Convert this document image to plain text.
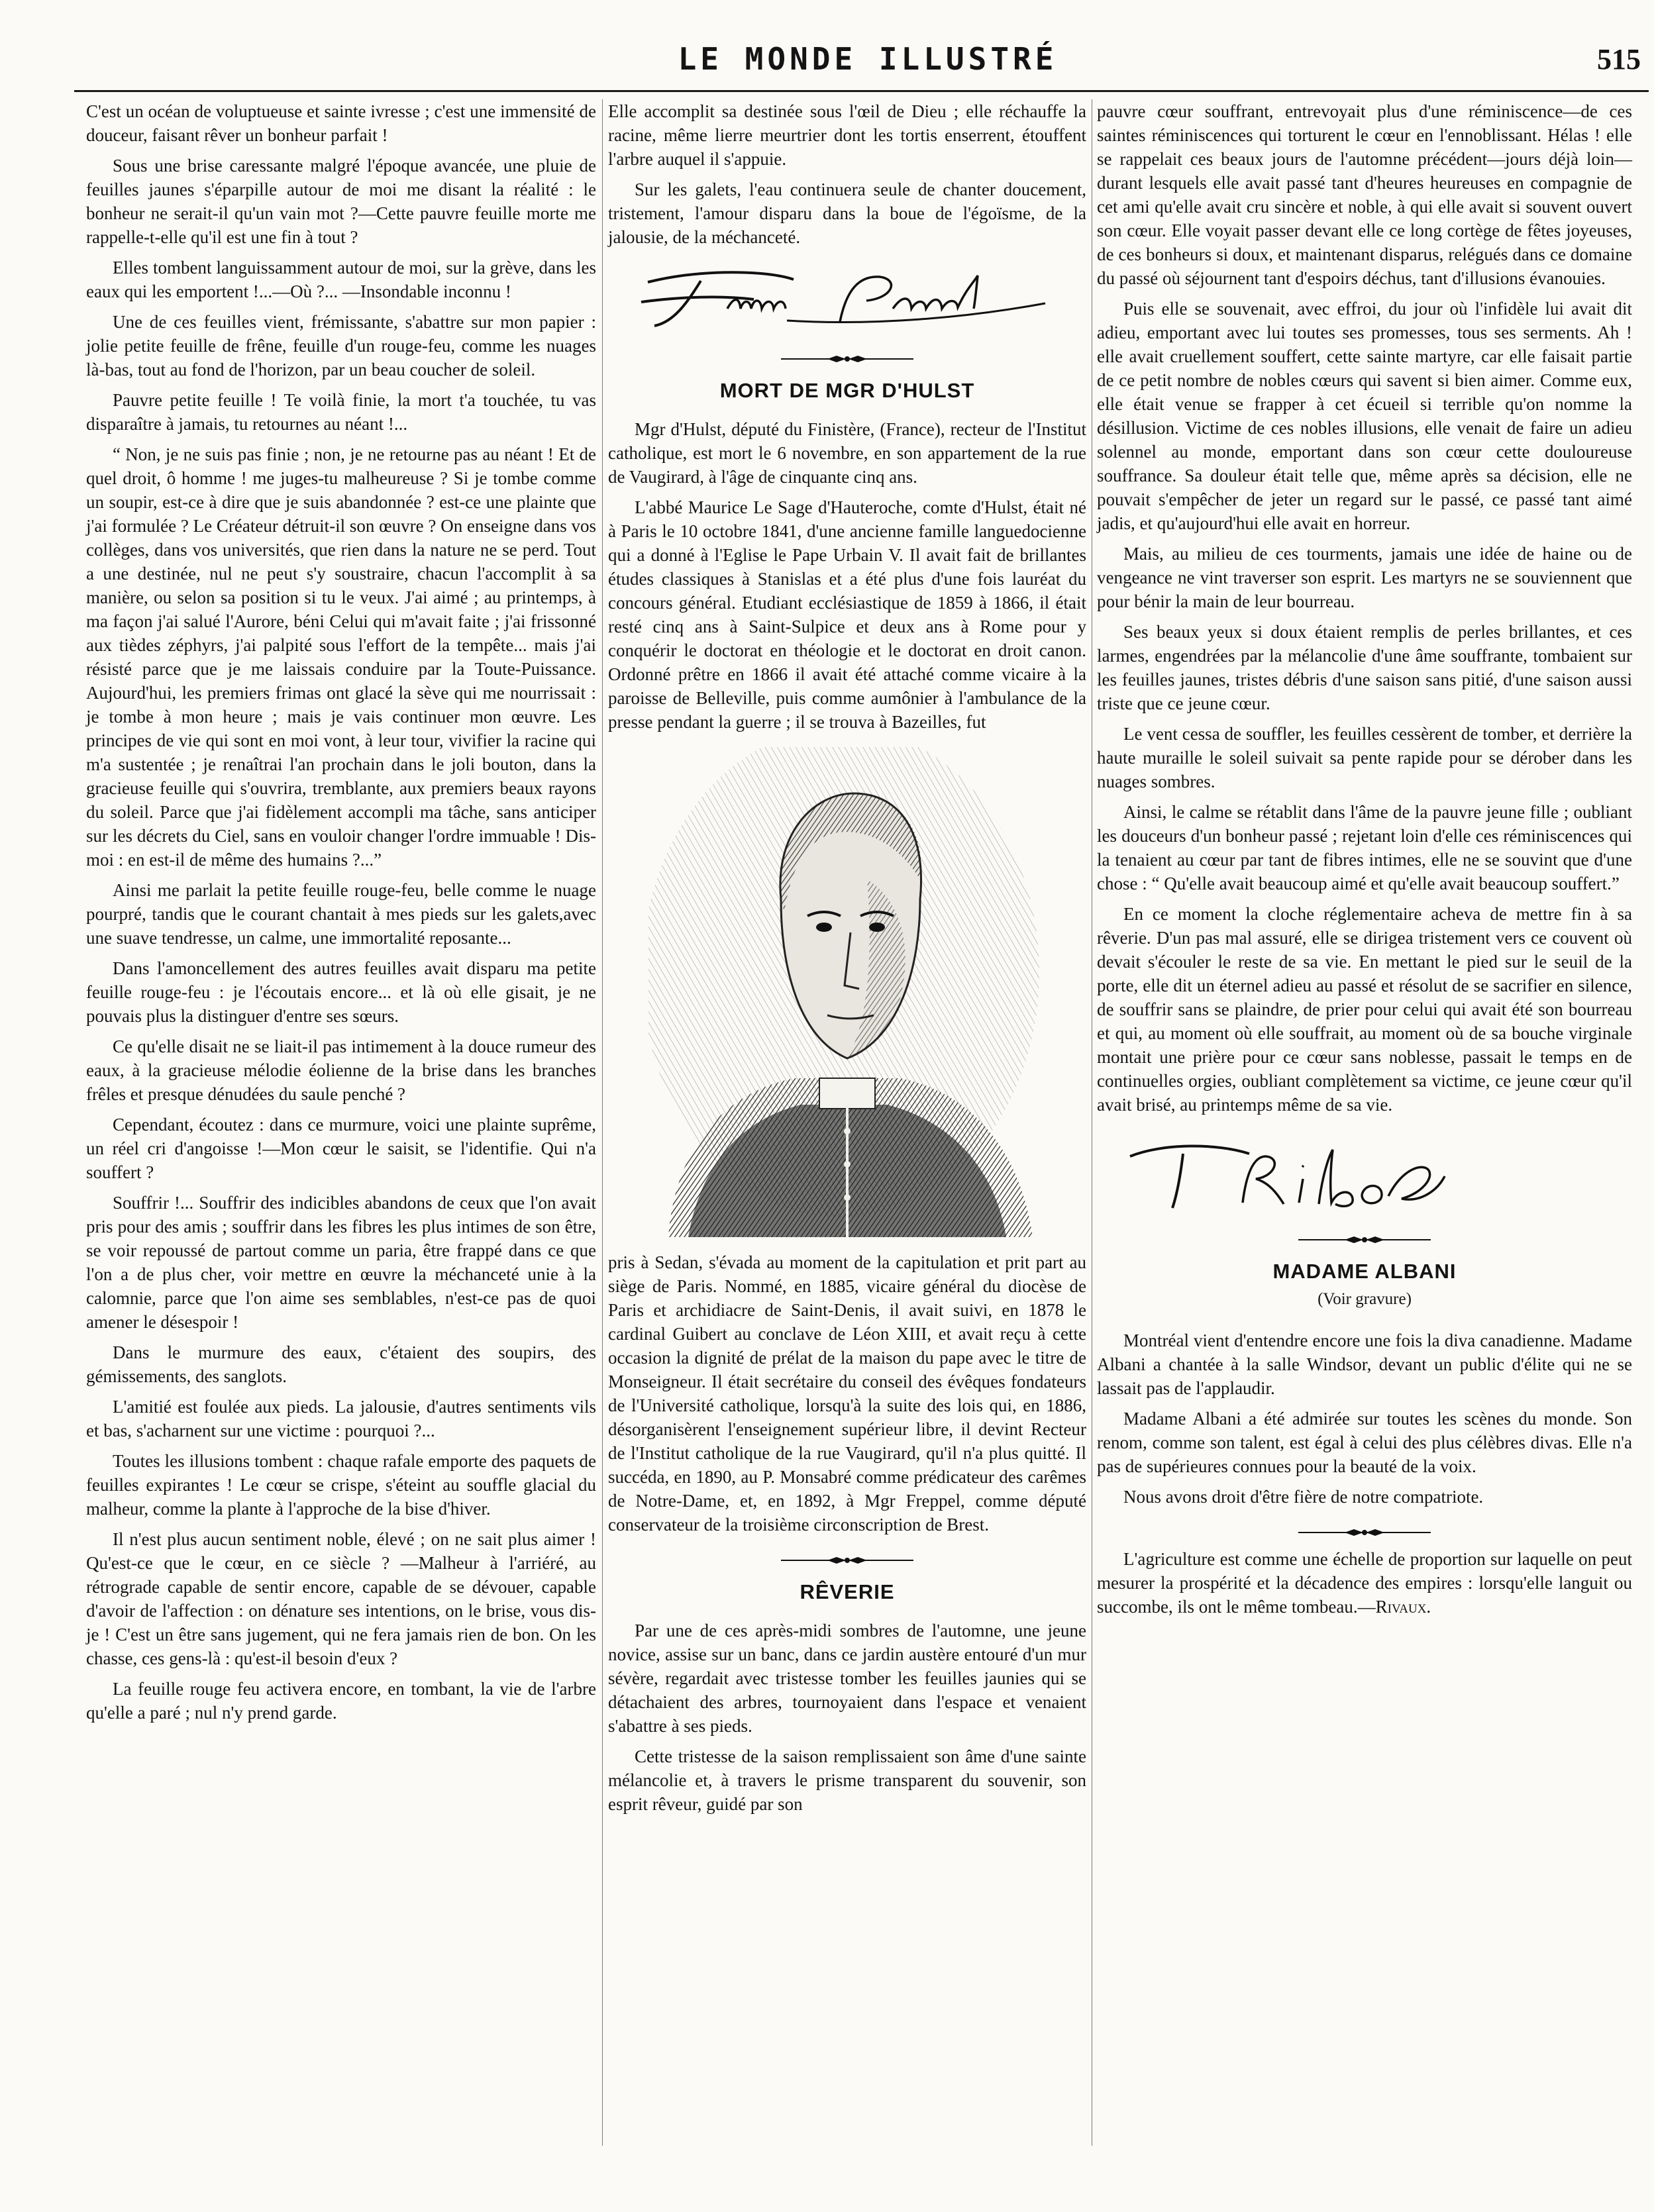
LE MONDE ILLUSTRÉ	515

C'est un océan de voluptueuse et sainte ivresse ; c'est une immensité de douceur, faisant rêver un bonheur parfait !

Sous une brise caressante malgré l'époque avancée, une pluie de feuilles jaunes s'éparpille autour de moi me disant la réalité : le bonheur ne serait-il qu'un vain mot ?—Cette pauvre feuille morte me rappelle-t-elle qu'il est une fin à tout ?

Elles tombent languissamment autour de moi, sur la grève, dans les eaux qui les emportent !...—Où ?... —Insondable inconnu !

Une de ces feuilles vient, frémissante, s'abattre sur mon papier : jolie petite feuille de frêne, feuille d'un rouge-feu, comme les nuages là-bas, tout au fond de l'horizon, par un beau coucher de soleil.

Pauvre petite feuille ! Te voilà finie, la mort t'a touchée, tu vas disparaître à jamais, tu retournes au néant !...

“ Non, je ne suis pas finie ; non, je ne retourne pas au néant ! Et de quel droit, ô homme ! me juges-tu malheureuse ? Si je tombe comme un soupir, est-ce à dire que je suis abandonnée ? est-ce une plainte que j'ai formulée ? Le Créateur détruit-il son œuvre ? On enseigne dans vos collèges, dans vos universités, que rien dans la nature ne se perd. Tout a une destinée, nul ne peut s'y soustraire, chacun l'accomplit à sa manière, ou selon sa position si tu le veux. J'ai aimé ; au printemps, à ma façon j'ai salué l'Aurore, béni Celui qui m'avait faite ; j'ai frissonné aux tièdes zéphyrs, j'ai palpité sous l'effort de la tempête... mais j'ai résisté parce que je me laissais conduire par la Toute-Puissance. Aujourd'hui, les premiers frimas ont glacé la sève qui me nourrissait : je tombe à mon heure ; mais je vais continuer mon œuvre. Les principes de vie qui sont en moi vont, à leur tour, vivifier la racine qui m'a sustentée ; je renaîtrai l'an prochain dans le joli bouton, dans la gracieuse feuille qui s'ouvrira, tremblante, aux premiers beaux rayons du soleil. Parce que j'ai fidèlement accompli ma tâche, sans anticiper sur les décrets du Ciel, sans en vouloir changer l'ordre immuable ! Dis-moi : en est-il de même des humains ?...”

Ainsi me parlait la petite feuille rouge-feu, belle comme le nuage pourpré, tandis que le courant chantait à mes pieds sur les galets,avec une suave tendresse, un calme, une immortalité reposante...

Dans l'amoncellement des autres feuilles avait disparu ma petite feuille rouge-feu : je l'écoutais encore... et là où elle gisait, je ne pouvais plus la distinguer d'entre ses sœurs.

Ce qu'elle disait ne se liait-il pas intimement à la douce rumeur des eaux, à la gracieuse mélodie éolienne de la brise dans les branches frêles et presque dénudées du saule penché ?

Cependant, écoutez : dans ce murmure, voici une plainte suprême, un réel cri d'angoisse !—Mon cœur le saisit, se l'identifie. Qui n'a souffert ?

Souffrir !... Souffrir des indicibles abandons de ceux que l'on avait pris pour des amis ; souffrir dans les fibres les plus intimes de son être, se voir repoussé de partout comme un paria, être frappé dans ce que l'on a de plus cher, voir mettre en œuvre la méchanceté unie à la calomnie, parce que l'on aime ses semblables, n'est-ce pas de quoi amener le désespoir !

Dans le murmure des eaux, c'étaient des soupirs, des gémissements, des sanglots.

L'amitié est foulée aux pieds. La jalousie, d'autres sentiments vils et bas, s'acharnent sur une victime : pourquoi ?...

Toutes les illusions tombent : chaque rafale emporte des paquets de feuilles expirantes ! Le cœur se crispe, s'éteint au souffle glacial du malheur, comme la plante à l'approche de la bise d'hiver.

Il n'est plus aucun sentiment noble, élevé ; on ne sait plus aimer ! Qu'est-ce que le cœur, en ce siècle ? —Malheur à l'arriéré, au rétrograde capable de sentir encore, capable de se dévouer, capable d'avoir de l'affection : on dénature ses intentions, on le brise, vous dis-je ! C'est un être sans jugement, qui ne fera jamais rien de bon. On les chasse, ces gens-là : qu'est-il besoin d'eux ?

La feuille rouge feu activera encore, en tombant, la vie de l'arbre qu'elle a paré ; nul n'y prend garde.

Elle accomplit sa destinée sous l'œil de Dieu ; elle réchauffe la racine, même lierre meurtrier dont les tortis enserrent, étouffent l'arbre auquel il s'appuie.

Sur les galets, l'eau continuera seule de chanter doucement, tristement, l'amour disparu dans la boue de l'égoïsme, de la jalousie, de la méchanceté.

MORT DE MGR D'HULST

Mgr d'Hulst, député du Finistère, (France), recteur de l'Institut catholique, est mort le 6 novembre, en son appartement de la rue de Vaugirard, à l'âge de cinquante cinq ans.

L'abbé Maurice Le Sage d'Hauteroche, comte d'Hulst, était né à Paris le 10 octobre 1841, d'une ancienne famille languedocienne qui a donné à l'Eglise le Pape Urbain V. Il avait fait de brillantes études classiques à Stanislas et a été plus d'une fois lauréat du concours général. Etudiant ecclésiastique de 1859 à 1866, il était resté cinq ans à Saint-Sulpice et deux ans à Rome pour y conquérir le doctorat en théologie et le doctorat en droit canon. Ordonné prêtre en 1866 il avait été attaché comme vicaire à la paroisse de Belleville, puis comme aumônier à l'ambulance de la presse pendant la guerre ; il se trouva à Bazeilles, fut

pris à Sedan, s'évada au moment de la capitulation et prit part au siège de Paris. Nommé, en 1885, vicaire général du diocèse de Paris et archidiacre de Saint-Denis, il avait suivi, en 1878 le cardinal Guibert au conclave de Léon XIII, et avait reçu à cette occasion la dignité de prélat de la maison du pape avec le titre de Monseigneur. Il était secrétaire du conseil des évêques fondateurs de l'Université catholique, lorsqu'à la suite des lois qui, en 1886, désorganisèrent l'enseignement supérieur libre, il devint Recteur de l'Institut catholique de la rue Vaugirard, qu'il n'a plus quitté. Il succéda, en 1890, au P. Monsabré comme prédicateur des carêmes de Notre-Dame, et, en 1892, à Mgr Freppel, comme député conservateur de la troisième circonscription de Brest.

RÊVERIE

Par une de ces après-midi sombres de l'automne, une jeune novice, assise sur un banc, dans ce jardin austère entouré d'un mur sévère, regardait avec tristesse tomber les feuilles jaunies qui se détachaient des arbres, tournoyaient dans l'espace et venaient s'abattre à ses pieds.

Cette tristesse de la saison remplissaient son âme d'une sainte mélancolie et, à travers le prisme transparent du souvenir, son esprit rêveur, guidé par son

pauvre cœur souffrant, entrevoyait plus d'une réminiscence—de ces saintes réminiscences qui torturent le cœur en l'ennoblissant. Hélas ! elle se rappelait ces beaux jours de l'automne précédent—jours déjà loin—durant lesquels elle avait passé tant d'heures heureuses en compagnie de cet ami qu'elle avait cru sincère et noble, à qui elle avait si souvent ouvert son cœur. Elle voyait passer devant elle ce long cortège de fêtes joyeuses, de ces bonheurs si doux, et maintenant disparus, relégués dans ce domaine du passé où séjournent tant d'espoirs déchus, tant d'illusions évanouies.

Puis elle se souvenait, avec effroi, du jour où l'infidèle lui avait dit adieu, emportant avec lui toutes ses promesses, tous ses serments. Ah ! elle avait cruellement souffert, cette sainte martyre, car elle faisait partie de ce petit nombre de nobles cœurs qui savent si bien aimer. Comme eux, elle était venue se frapper à cet écueil si terrible qu'on nomme la désillusion. Victime de ces nobles illusions, elle venait de faire un adieu solennel au monde, emportant dans son cœur cette douloureuse souffrance. Sa douleur était telle que, même après sa décision, elle ne pouvait s'empêcher de jeter un regard sur le passé, ce passé tant aimé jadis, et qu'aujourd'hui elle avait en horreur.

Mais, au milieu de ces tourments, jamais une idée de haine ou de vengeance ne vint traverser son esprit. Les martyrs ne se souviennent que pour bénir la main de leur bourreau.

Ses beaux yeux si doux étaient remplis de perles brillantes, et ces larmes, engendrées par la mélancolie d'une âme souffrante, tombaient sur les feuilles jaunes, tristes débris d'une saison sans pitié, d'une saison aussi triste que ce jeune cœur.

Le vent cessa de souffler, les feuilles cessèrent de tomber, et derrière la haute muraille le soleil suivait sa pente rapide pour se dérober dans les nuages sombres.

Ainsi, le calme se rétablit dans l'âme de la pauvre jeune fille ; oubliant les douceurs d'un bonheur passé ; rejetant loin d'elle ces réminiscences qui la tenaient au cœur par tant de fibres intimes, elle ne se souvint que d'une chose : “ Qu'elle avait beaucoup aimé et qu'elle avait beaucoup souffert.”

En ce moment la cloche réglementaire acheva de mettre fin à sa rêverie. D'un pas mal assuré, elle se dirigea tristement vers ce couvent où devait s'écouler le reste de sa vie. En mettant le pied sur le seuil de la porte, elle dit un éternel adieu au passé et résolut de se sacrifier en silence, de souffrir sans se plaindre, de prier pour celui qui avait été son bourreau et qui, au moment où elle souffrait, au moment où de sa bouche virginale montait une prière pour ce cœur sans noblesse, passait le temps en de continuelles orgies, oubliant complètement sa victime, ce jeune cœur qu'il avait brisé, au printemps même de sa vie.

MADAME ALBANI
(Voir gravure)

Montréal vient d'entendre encore une fois la diva canadienne. Madame Albani a chantée à la salle Windsor, devant un public d'élite qui ne se lassait pas de l'applaudir.

Madame Albani a été admirée sur toutes les scènes du monde. Son renom, comme son talent, est égal à celui des plus célèbres divas. Elle n'a pas de supérieures connues pour la beauté de la voix.

Nous avons droit d'être fière de notre compatriote.

L'agriculture est comme une échelle de proportion sur laquelle on peut mesurer la prospérité et la décadence des empires : lorsqu'elle languit ou succombe, ils ont le même tombeau.—Rivaux.
